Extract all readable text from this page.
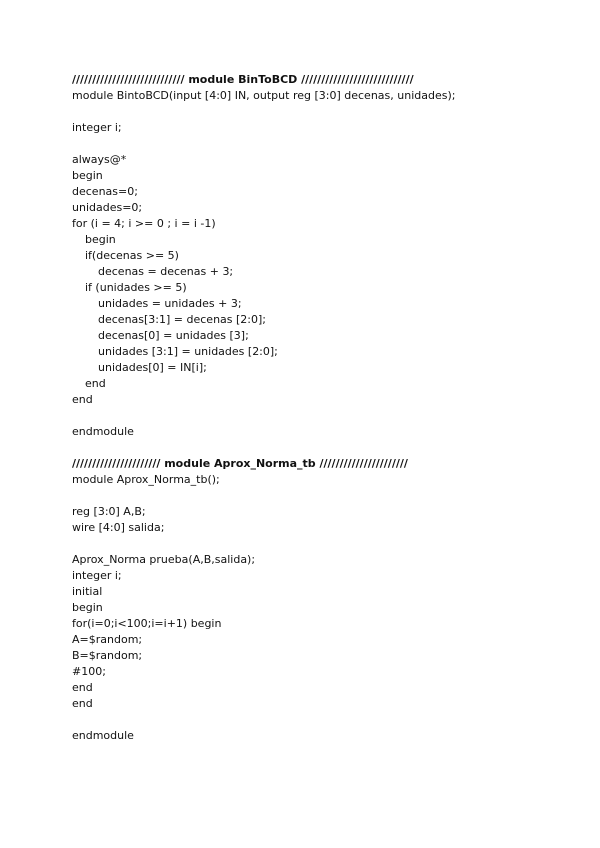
//////////////////////////// module BinToBCD ////////////////////////////
module BintoBCD(input [4:0] IN, output reg [3:0] decenas, unidades);
integer i;
always@*
begin
decenas=0;
unidades=0;
for (i = 4; i >= 0 ; i = i -1)
begin
if(decenas >= 5)
decenas = decenas + 3;
if (unidades >= 5)
unidades = unidades + 3;
decenas[3:1] = decenas [2:0];
decenas[0] = unidades [3];
unidades [3:1] = unidades [2:0];
unidades[0] = IN[i];
end
end
endmodule
////////////////////// module Aprox_Norma_tb //////////////////////
module Aprox_Norma_tb();
reg [3:0] A,B;
wire [4:0] salida;
Aprox_Norma prueba(A,B,salida);
integer i;
initial
begin
for(i=0;i<100;i=i+1) begin
A=$random;
B=$random;
#100;
end
end
endmodule
